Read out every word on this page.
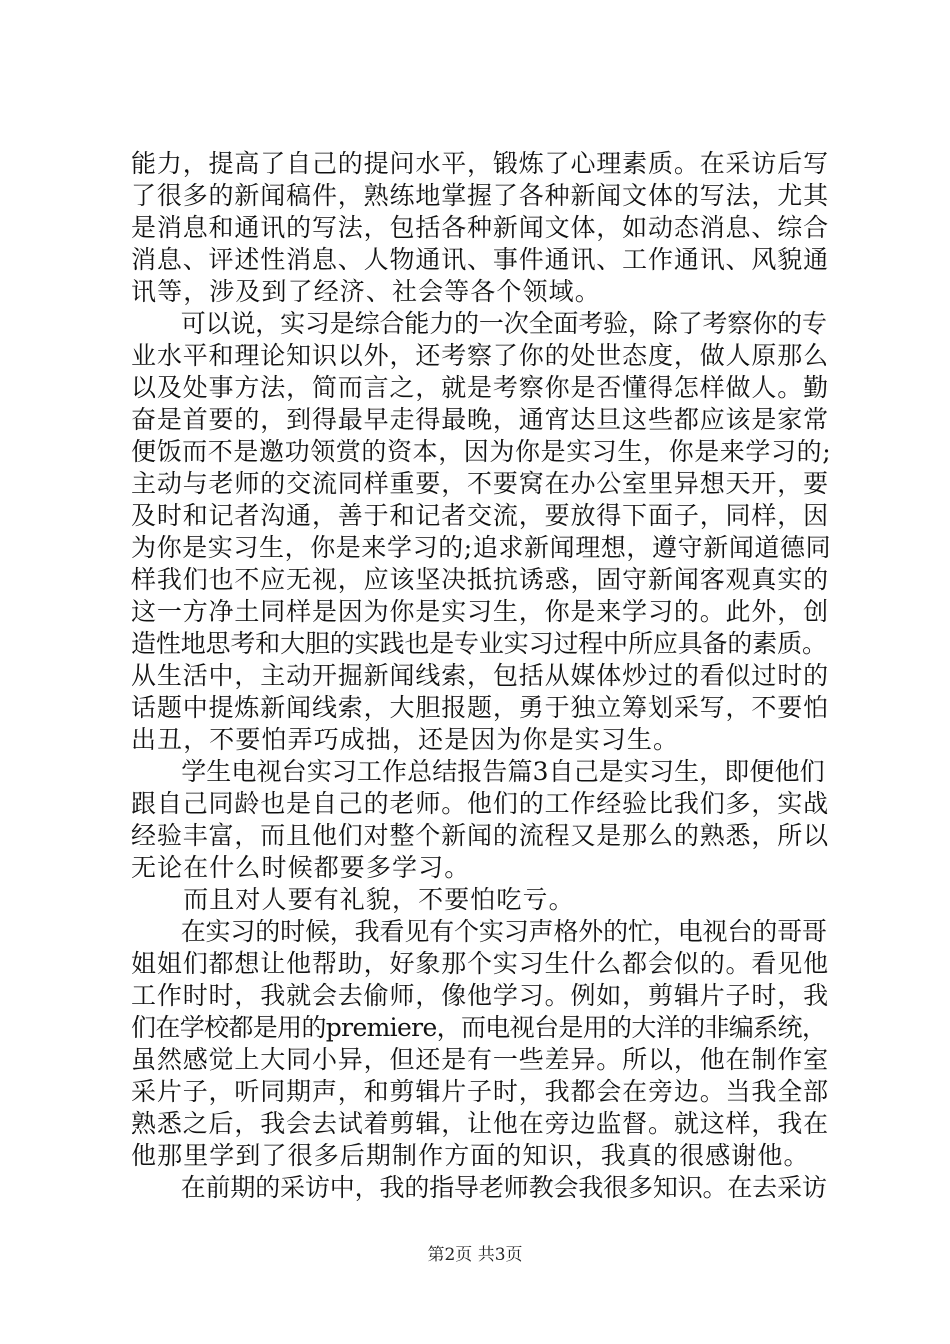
能力，提高了自己的提问水平，锻炼了心理素质。在采访后写
了很多的新闻稿件，熟练地掌握了各种新闻文体的写法，尤其
是消息和通讯的写法，包括各种新闻文体，如动态消息、综合
消息、评述性消息、人物通讯、事件通讯、工作通讯、风貌通
讯等，涉及到了经济、社会等各个领域。
　　可以说，实习是综合能力的一次全面考验，除了考察你的专
业水平和理论知识以外，还考察了你的处世态度，做人原那么
以及处事方法，简而言之，就是考察你是否懂得怎样做人。勤
奋是首要的，到得最早走得最晚，通宵达旦这些都应该是家常
便饭而不是邀功领赏的资本，因为你是实习生，你是来学习的;
主动与老师的交流同样重要，不要窝在办公室里异想天开，要
及时和记者沟通，善于和记者交流，要放得下面子，同样，因
为你是实习生，你是来学习的;追求新闻理想，遵守新闻道德同
样我们也不应无视，应该坚决抵抗诱惑，固守新闻客观真实的
这一方净土同样是因为你是实习生，你是来学习的。此外，创
造性地思考和大胆的实践也是专业实习过程中所应具备的素质。
从生活中，主动开掘新闻线索，包括从媒体炒过的看似过时的
话题中提炼新闻线索，大胆报题，勇于独立筹划采写，不要怕
出丑，不要怕弄巧成拙，还是因为你是实习生。
　　学生电视台实习工作总结报告篇3自己是实习生，即便他们
跟自己同龄也是自己的老师。他们的工作经验比我们多，实战
经验丰富，而且他们对整个新闻的流程又是那么的熟悉，所以
无论在什么时候都要多学习。
　　而且对人要有礼貌，不要怕吃亏。
　　在实习的时候，我看见有个实习声格外的忙，电视台的哥哥
姐姐们都想让他帮助，好象那个实习生什么都会似的。看见他
工作时时，我就会去偷师，像他学习。例如，剪辑片子时，我
们在学校都是用的premiere，而电视台是用的大洋的非编系统，
虽然感觉上大同小异，但还是有一些差异。所以，他在制作室
采片子，听同期声，和剪辑片子时，我都会在旁边。当我全部
熟悉之后，我会去试着剪辑，让他在旁边监督。就这样，我在
他那里学到了很多后期制作方面的知识，我真的很感谢他。
　　在前期的采访中，我的指导老师教会我很多知识。在去采访
第2页 共3页
